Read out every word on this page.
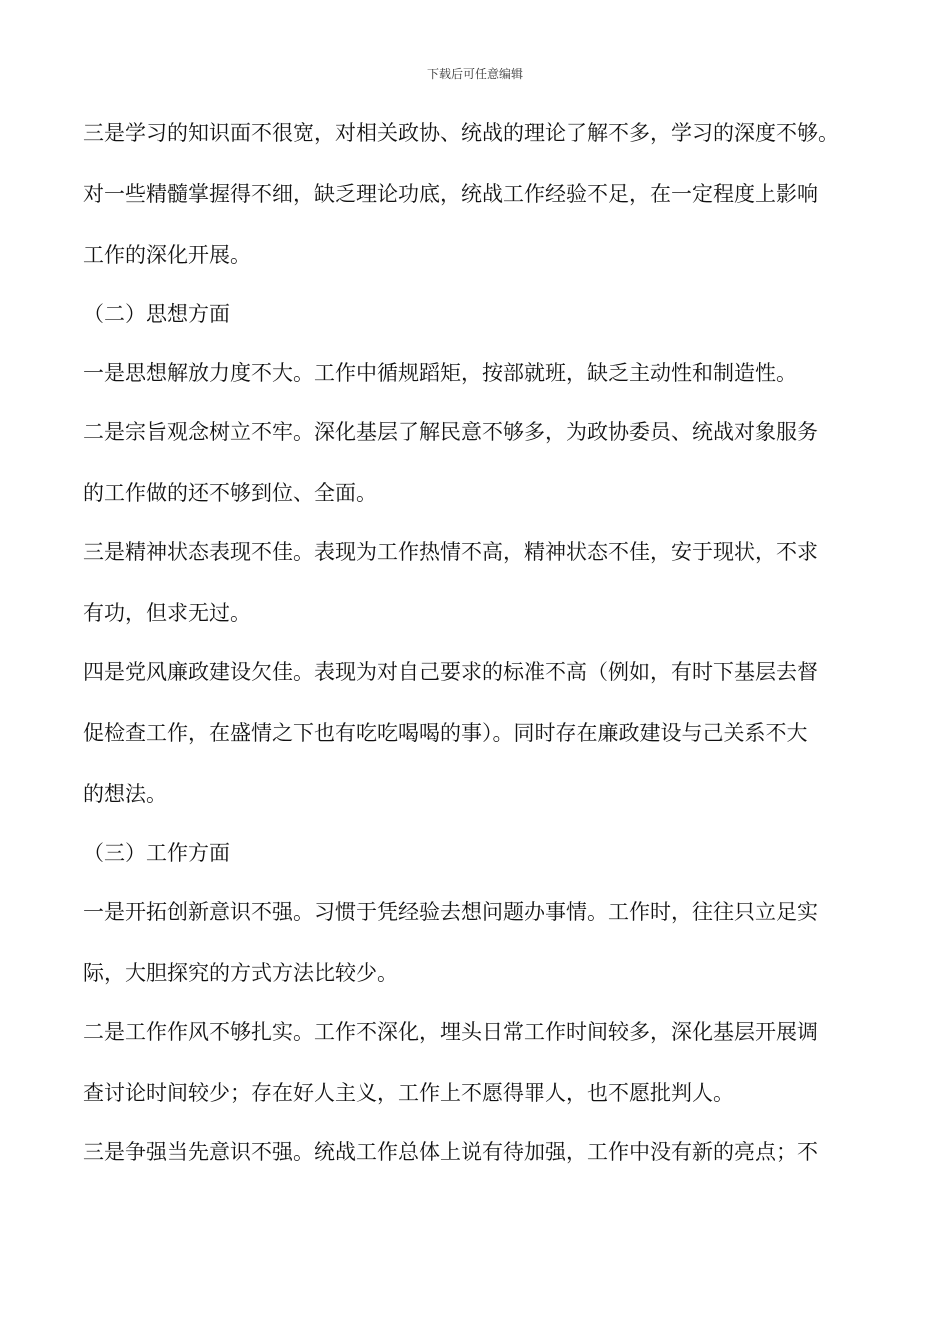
下载后可任意编辑
三是学习的知识面不很宽，对相关政协、统战的理论了解不多，学习的深度不够。
对一些精髓掌握得不细，缺乏理论功底，统战工作经验不足，在一定程度上影响
工作的深化开展。
（二）思想方面
一是思想解放力度不大。工作中循规蹈矩，按部就班，缺乏主动性和制造性。
二是宗旨观念树立不牢。深化基层了解民意不够多，为政协委员、统战对象服务
的工作做的还不够到位、全面。
三是精神状态表现不佳。表现为工作热情不高，精神状态不佳，安于现状，不求
有功，但求无过。
四是党风廉政建设欠佳。表现为对自己要求的标准不高（例如，有时下基层去督
促检查工作，在盛情之下也有吃吃喝喝的事）。同时存在廉政建设与己关系不大
的想法。
（三）工作方面
一是开拓创新意识不强。习惯于凭经验去想问题办事情。工作时，往往只立足实
际，大胆探究的方式方法比较少。
二是工作作风不够扎实。工作不深化，埋头日常工作时间较多，深化基层开展调
查讨论时间较少；存在好人主义，工作上不愿得罪人，也不愿批判人。
三是争强当先意识不强。统战工作总体上说有待加强，工作中没有新的亮点；不
